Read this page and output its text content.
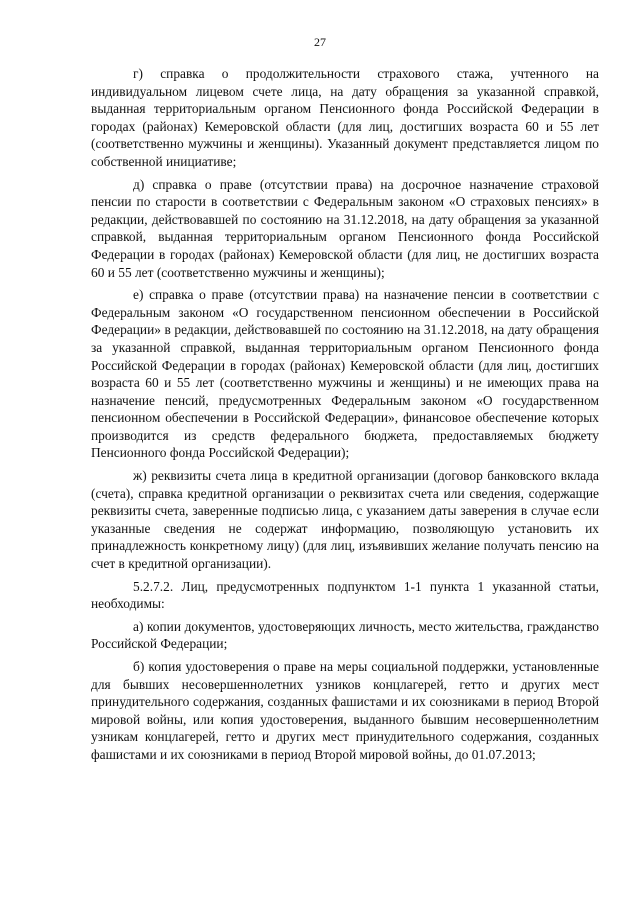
27

г) справка о продолжительности страхового стажа, учтенного на индивидуальном лицевом счете лица, на дату обращения за указанной справкой, выданная территориальным органом Пенсионного фонда Российской Федерации в городах (районах) Кемеровской области (для лиц, достигших возраста 60 и 55 лет (соответственно мужчины и женщины). Указанный документ представляется лицом по собственной инициативе;

д) справка о праве (отсутствии права) на досрочное назначение страховой пенсии по старости в соответствии с Федеральным законом «О страховых пенсиях» в редакции, действовавшей по состоянию на 31.12.2018, на дату обращения за указанной справкой, выданная территориальным органом Пенсионного фонда Российской Федерации в городах (районах) Кемеровской области (для лиц, не достигших возраста 60 и 55 лет (соответственно мужчины и женщины);

е) справка о праве (отсутствии права) на назначение пенсии в соответствии с Федеральным законом «О государственном пенсионном обеспечении в Российской Федерации» в редакции, действовавшей по состоянию на 31.12.2018, на дату обращения за указанной справкой, выданная территориальным органом Пенсионного фонда Российской Федерации в городах (районах) Кемеровской области (для лиц, достигших возраста 60 и 55 лет (соответственно мужчины и женщины) и не имеющих права на назначение пенсий, предусмотренных Федеральным законом «О государственном пенсионном обеспечении в Российской Федерации», финансовое обеспечение которых производится из средств федерального бюджета, предоставляемых бюджету Пенсионного фонда Российской Федерации);

ж) реквизиты счета лица в кредитной организации (договор банковского вклада (счета), справка кредитной организации о реквизитах счета или сведения, содержащие реквизиты счета, заверенные подписью лица, с указанием даты заверения в случае если указанные сведения не содержат информацию, позволяющую установить их принадлежность конкретному лицу) (для лиц, изъявивших желание получать пенсию на счет в кредитной организации).

5.2.7.2. Лиц, предусмотренных подпунктом 1-1 пункта 1 указанной статьи, необходимы:

а) копии документов, удостоверяющих личность, место жительства, гражданство Российской Федерации;

б) копия удостоверения о праве на меры социальной поддержки, установленные для бывших несовершеннолетних узников концлагерей, гетто и других мест принудительного содержания, созданных фашистами и их союзниками в период Второй мировой войны, или копия удостоверения, выданного бывшим несовершеннолетним узникам концлагерей, гетто и других мест принудительного содержания, созданных фашистами и их союзниками в период Второй мировой войны, до 01.07.2013;
